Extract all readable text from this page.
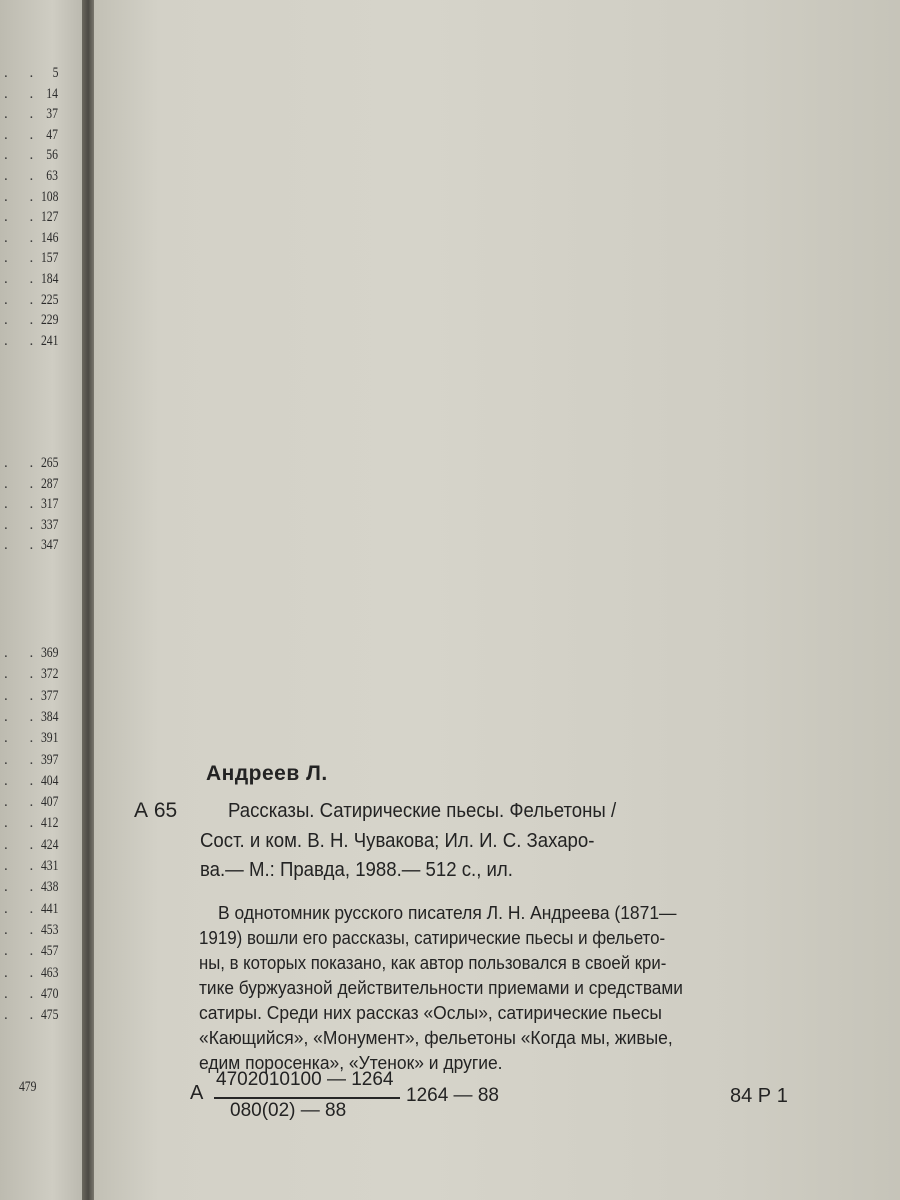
. . 5
. . 14
. . 37
. . 47
. . 56
. . 63
. .
108
. .
127
. .
146
. .
157
. .
184
. .
225
. .
229
. .
241
. .
265
. .
287
. .
317
. .
337
. .
347
. .
369
. .
372
. .
377
. .
384
. .
391
. .
397
. .
404
. .
407
. .
412
. .
424
. .
431
. .
438
. .
441
. .
453
. .
457
. .
463
. .
470
. .
475
479
Андреев Л.
А 65	Рассказы. Сатирические пьесы. Фельетоны /
Сост. и ком. В. Н. Чувакова; Ил. И. С. Захаро-
ва.— М.: Правда, 1988.— 512 с., ил.
В однотомник русского писателя Л. Н. Андреева (1871—
1919) вошли его рассказы, сатирические пьесы и фельето-
ны, в которых показано, как автор пользовался в своей кри-
тике буржуазной действительности приемами и средствами
сатиры. Среди них рассказ «Ослы», сатирические пьесы
«Кающийся», «Монумент», фельетоны «Когда мы, живые,
едим поросенка», «Утенок» и другие.
А
4702010100 — 1264
080(02) — 88
1264 — 88	84 Р 1
